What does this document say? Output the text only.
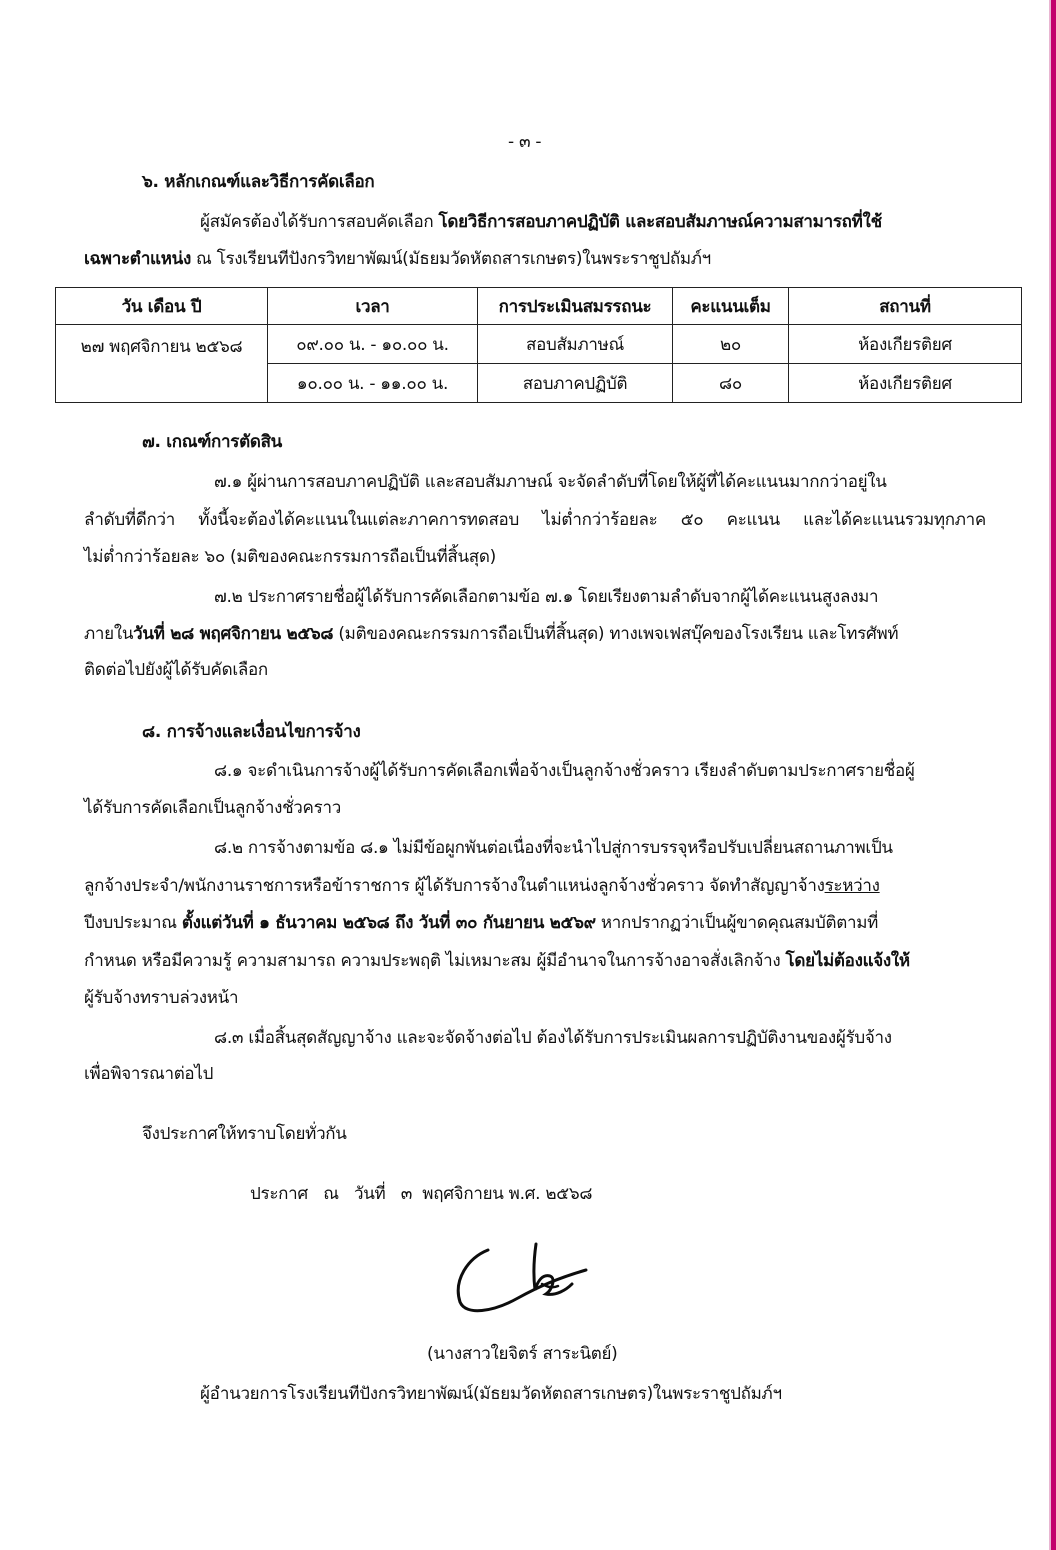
- ๓ -
๖. หลักเกณฑ์และวิธีการคัดเลือก
ผู้สมัครต้องได้รับการสอบคัดเลือก โดยวิธีการสอบภาคปฏิบัติ และสอบสัมภาษณ์ความสามารถที่ใช้
เฉพาะตำแหน่ง ณ โรงเรียนทีปังกรวิทยาพัฒน์(มัธยมวัดหัตถสารเกษตร)ในพระราชูปถัมภ์ฯ
วัน เดือน ปี	เวลา	การประเมินสมรรถนะ	คะแนนเต็ม	สถานที่
๒๗ พฤศจิกายน ๒๕๖๘	๐๙.๐๐ น. - ๑๐.๐๐ น.	สอบสัมภาษณ์	๒๐	ห้องเกียรติยศ
	๑๐.๐๐ น. - ๑๑.๐๐ น.	สอบภาคปฏิบัติ	๘๐	ห้องเกียรติยศ
๗. เกณฑ์การตัดสิน
๗.๑ ผู้ผ่านการสอบภาคปฏิบัติ และสอบสัมภาษณ์ จะจัดลำดับที่โดยให้ผู้ที่ได้คะแนนมากกว่าอยู่ใน
ลำดับที่ดีกว่า ทั้งนี้จะต้องได้คะแนนในแต่ละภาคการทดสอบ ไม่ต่ำกว่าร้อยละ ๕๐ คะแนน และได้คะแนนรวมทุกภาค
ไม่ต่ำกว่าร้อยละ ๖๐ (มติของคณะกรรมการถือเป็นที่สิ้นสุด)
๗.๒ ประกาศรายชื่อผู้ได้รับการคัดเลือกตามข้อ ๗.๑ โดยเรียงตามลำดับจากผู้ได้คะแนนสูงลงมา
ภายในวันที่ ๒๘ พฤศจิกายน ๒๕๖๘ (มติของคณะกรรมการถือเป็นที่สิ้นสุด) ทางเพจเฟสบุ๊คของโรงเรียน และโทรศัพท์
ติดต่อไปยังผู้ได้รับคัดเลือก
๘. การจ้างและเงื่อนไขการจ้าง
๘.๑ จะดำเนินการจ้างผู้ได้รับการคัดเลือกเพื่อจ้างเป็นลูกจ้างชั่วคราว เรียงลำดับตามประกาศรายชื่อผู้
ได้รับการคัดเลือกเป็นลูกจ้างชั่วคราว
๘.๒ การจ้างตามข้อ ๘.๑ ไม่มีข้อผูกพันต่อเนื่องที่จะนำไปสู่การบรรจุหรือปรับเปลี่ยนสถานภาพเป็น
ลูกจ้างประจำ/พนักงานราชการหรือข้าราชการ ผู้ได้รับการจ้างในตำแหน่งลูกจ้างชั่วคราว จัดทำสัญญาจ้างระหว่าง
ปีงบประมาณ ตั้งแต่วันที่ ๑ ธันวาคม ๒๕๖๘ ถึง วันที่ ๓๐ กันยายน ๒๕๖๙ หากปรากฏว่าเป็นผู้ขาดคุณสมบัติตามที่
กำหนด หรือมีความรู้ ความสามารถ ความประพฤติ ไม่เหมาะสม ผู้มีอำนาจในการจ้างอาจสั่งเลิกจ้าง โดยไม่ต้องแจ้งให้
ผู้รับจ้างทราบล่วงหน้า
๘.๓ เมื่อสิ้นสุดสัญญาจ้าง และจะจัดจ้างต่อไป ต้องได้รับการประเมินผลการปฏิบัติงานของผู้รับจ้าง
เพื่อพิจารณาต่อไป
จึงประกาศให้ทราบโดยทั่วกัน
ประกาศ   ณ   วันที่   ๓  พฤศจิกายน พ.ศ. ๒๕๖๘
(นางสาวใยจิตร์ สาระนิตย์)
ผู้อำนวยการโรงเรียนทีปังกรวิทยาพัฒน์(มัธยมวัดหัตถสารเกษตร)ในพระราชูปถัมภ์ฯ
